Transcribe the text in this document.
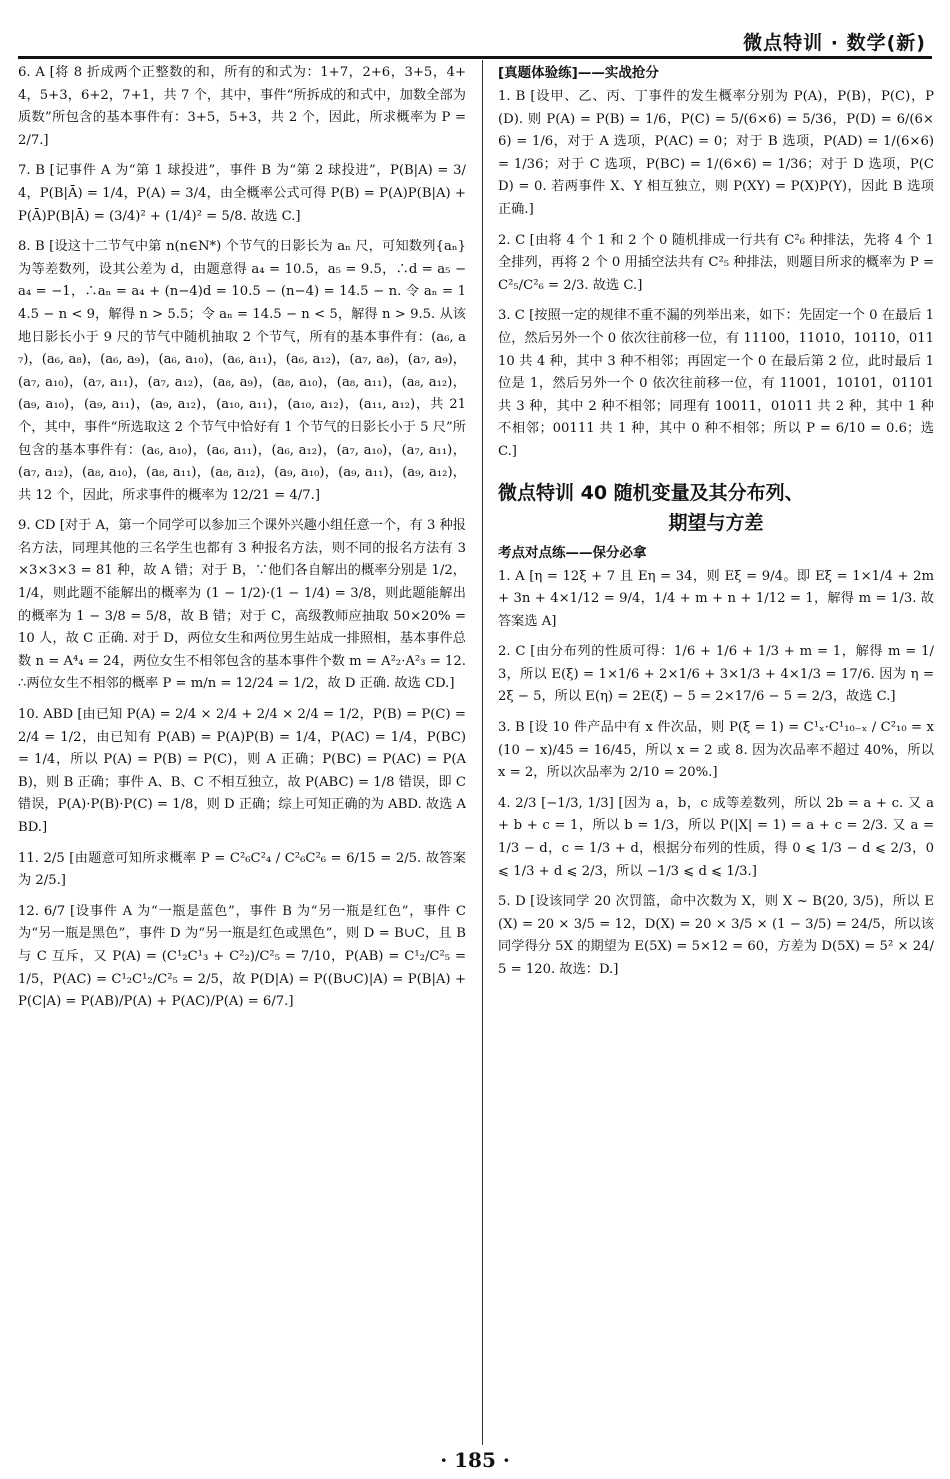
微点特训 · 数学(新)
6. A [将 8 折成两个正整数的和，所有的和式为：1+7，2+6，3+5，4+4，5+3，6+2，7+1，共 7 个，其中，事件“所拆成的和式中，加数全部为质数”所包含的基本事件有：3+5，5+3，共 2 个，因此，所求概率为 P = 2/7.]
7. B [记事件 A 为“第 1 球投进”，事件 B 为“第 2 球投进”，P(B|A) = 3/4，P(B|Ā) = 1/4，P(A) = 3/4，由全概率公式可得 P(B) = P(A)P(B|A) + P(Ā)P(B|Ā) = (3/4)² + (1/4)² = 5/8. 故选 C.]
8. B [设这十二节气中第 n(n∈N*) 个节气的日影长为 aₙ 尺，可知数列{aₙ}为等差数列，设其公差为 d，由题意得 a₄ = 10.5，a₅ = 9.5，∴d = a₅ − a₄ = −1，∴aₙ = a₄ + (n−4)d = 10.5 − (n−4) = 14.5 − n. 令 aₙ = 14.5 − n < 9，解得 n > 5.5；令 aₙ = 14.5 − n < 5，解得 n > 9.5. 从该地日影长小于 9 尺的节气中随机抽取 2 个节气，所有的基本事件有：(a₆, a₇)，(a₆, a₈)，(a₆, a₉)，(a₆, a₁₀)，(a₆, a₁₁)，(a₆, a₁₂)，(a₇, a₈)，(a₇, a₉)，(a₇, a₁₀)，(a₇, a₁₁)，(a₇, a₁₂)，(a₈, a₉)，(a₈, a₁₀)，(a₈, a₁₁)，(a₈, a₁₂)，(a₉, a₁₀)，(a₉, a₁₁)，(a₉, a₁₂)，(a₁₀, a₁₁)，(a₁₀, a₁₂)，(a₁₁, a₁₂)，共 21 个，其中，事件“所选取这 2 个节气中恰好有 1 个节气的日影长小于 5 尺”所包含的基本事件有：(a₆, a₁₀)，(a₆, a₁₁)，(a₆, a₁₂)，(a₇, a₁₀)，(a₇, a₁₁)，(a₇, a₁₂)，(a₈, a₁₀)，(a₈, a₁₁)，(a₈, a₁₂)，(a₉, a₁₀)，(a₉, a₁₁)，(a₉, a₁₂)，共 12 个，因此，所求事件的概率为 12/21 = 4/7.]
9. CD [对于 A，第一个同学可以参加三个课外兴趣小组任意一个，有 3 种报名方法，同理其他的三名学生也都有 3 种报名方法，则不同的报名方法有 3×3×3×3 = 81 种，故 A 错；对于 B，∵他们各自解出的概率分别是 1/2，1/4，则此题不能解出的概率为 (1 − 1/2)·(1 − 1/4) = 3/8，则此题能解出的概率为 1 − 3/8 = 5/8，故 B 错；对于 C，高级教师应抽取 50×20% = 10 人，故 C 正确. 对于 D，两位女生和两位男生站成一排照相，基本事件总数 n = A⁴₄ = 24，两位女生不相邻包含的基本事件个数 m = A²₂·A²₃ = 12. ∴两位女生不相邻的概率 P = m/n = 12/24 = 1/2，故 D 正确. 故选 CD.]
10. ABD [由已知 P(A) = 2/4 × 2/4 + 2/4 × 2/4 = 1/2，P(B) = P(C) = 2/4 = 1/2，由已知有 P(AB) = P(A)P(B) = 1/4，P(AC) = 1/4，P(BC) = 1/4，所以 P(A) = P(B) = P(C)，则 A 正确；P(BC) = P(AC) = P(AB)，则 B 正确；事件 A、B、C 不相互独立，故 P(ABC) = 1/8 错误，即 C 错误，P(A)·P(B)·P(C) = 1/8，则 D 正确；综上可知正确的为 ABD. 故选 ABD.]
11. 2/5 [由题意可知所求概率 P = C²₆C²₄ / C²₆C²₆ = 6/15 = 2/5. 故答案为 2/5.]
12. 6/7 [设事件 A 为“一瓶是蓝色”，事件 B 为“另一瓶是红色”，事件 C 为“另一瓶是黑色”，事件 D 为“另一瓶是红色或黑色”，则 D = B∪C，且 B 与 C 互斥，又 P(A) = (C¹₂C¹₃ + C²₂)/C²₅ = 7/10，P(AB) = C¹₂/C²₅ = 1/5，P(AC) = C¹₂C¹₂/C²₅ = 2/5，故 P(D|A) = P((B∪C)|A) = P(B|A) + P(C|A) = P(AB)/P(A) + P(AC)/P(A) = 6/7.]
[真题体验练]——实战抢分
1. B [设甲、乙、丙、丁事件的发生概率分别为 P(A)，P(B)，P(C)，P(D). 则 P(A) = P(B) = 1/6，P(C) = 5/(6×6) = 5/36，P(D) = 6/(6×6) = 1/6，对于 A 选项，P(AC) = 0；对于 B 选项，P(AD) = 1/(6×6) = 1/36；对于 C 选项，P(BC) = 1/(6×6) = 1/36；对于 D 选项，P(CD) = 0. 若两事件 X、Y 相互独立，则 P(XY) = P(X)P(Y)，因此 B 选项正确.]
2. C [由将 4 个 1 和 2 个 0 随机排成一行共有 C²₆ 种排法，先将 4 个 1 全排列，再将 2 个 0 用插空法共有 C²₅ 种排法，则题目所求的概率为 P = C²₅/C²₆ = 2/3. 故选 C.]
3. C [按照一定的规律不重不漏的列举出来，如下：先固定一个 0 在最后 1 位，然后另外一个 0 依次往前移一位，有 11100，11010，10110，01110 共 4 种，其中 3 种不相邻；再固定一个 0 在最后第 2 位，此时最后 1 位是 1，然后另外一个 0 依次往前移一位，有 11001，10101，01101 共 3 种，其中 2 种不相邻；同理有 10011，01011 共 2 种，其中 1 种不相邻；00111 共 1 种，其中 0 种不相邻；所以 P = 6/10 = 0.6；选 C.]
微点特训 40 随机变量及其分布列、
期望与方差
考点对点练——保分必拿
1. A [η = 12ξ + 7 且 Eη = 34，则 Eξ = 9/4。即 Eξ = 1×1/4 + 2m + 3n + 4×1/12 = 9/4，1/4 + m + n + 1/12 = 1，解得 m = 1/3. 故答案选 A]
2. C [由分布列的性质可得：1/6 + 1/6 + 1/3 + m = 1，解得 m = 1/3，所以 E(ξ) = 1×1/6 + 2×1/6 + 3×1/3 + 4×1/3 = 17/6. 因为 η = 2ξ − 5，所以 E(η) = 2E(ξ) − 5 = 2×17/6 − 5 = 2/3，故选 C.]
3. B [设 10 件产品中有 x 件次品，则 P(ξ = 1) = C¹ₓ·C¹₁₀₋ₓ / C²₁₀ = x(10 − x)/45 = 16/45，所以 x = 2 或 8. 因为次品率不超过 40%，所以 x = 2，所以次品率为 2/10 = 20%.]
4. 2/3 [−1/3, 1/3] [因为 a，b，c 成等差数列，所以 2b = a + c. 又 a + b + c = 1，所以 b = 1/3，所以 P(|X| = 1) = a + c = 2/3. 又 a = 1/3 − d，c = 1/3 + d，根据分布列的性质，得 0 ⩽ 1/3 − d ⩽ 2/3，0 ⩽ 1/3 + d ⩽ 2/3，所以 −1/3 ⩽ d ⩽ 1/3.]
5. D [设该同学 20 次罚篮，命中次数为 X，则 X ~ B(20, 3/5)，所以 E(X) = 20 × 3/5 = 12，D(X) = 20 × 3/5 × (1 − 3/5) = 24/5，所以该同学得分 5X 的期望为 E(5X) = 5×12 = 60，方差为 D(5X) = 5² × 24/5 = 120. 故选：D.]
· 185 ·
